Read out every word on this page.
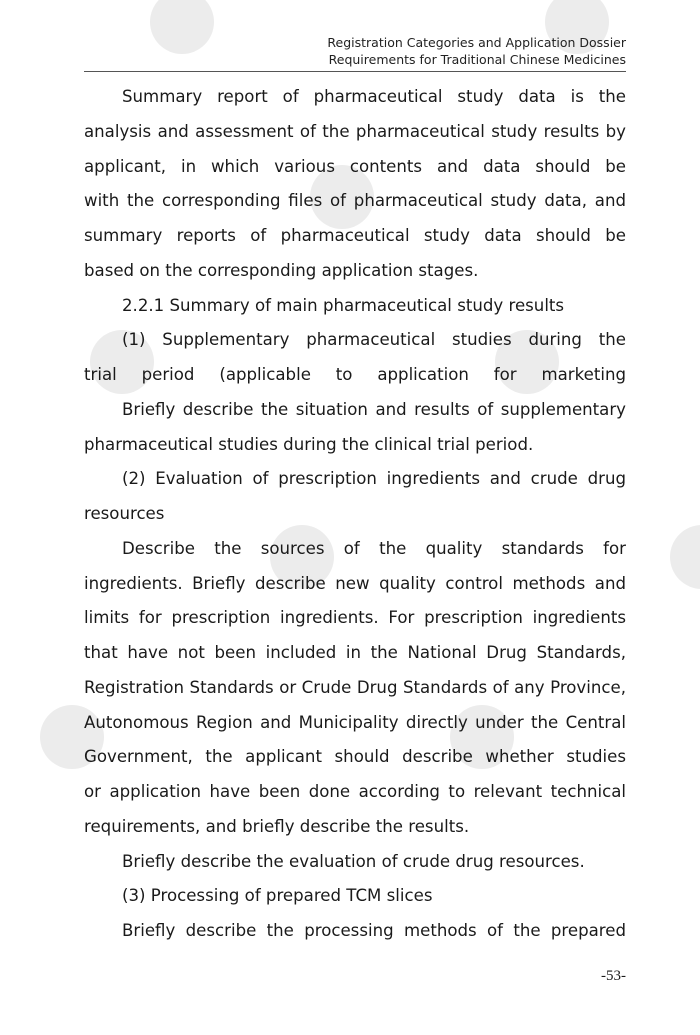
Registration Categories and Application Dossier
Requirements for Traditional Chinese Medicines
Summary report of pharmaceutical study data is the
analysis and assessment of the pharmaceutical study results by
applicant, in which various contents and data should be
with the corresponding files of pharmaceutical study data, and
summary reports of pharmaceutical study data should be
based on the corresponding application stages.
2.2.1 Summary of main pharmaceutical study results
(1) Supplementary pharmaceutical studies during the
trial period (applicable to application for marketing
Briefly describe the situation and results of supplementary
pharmaceutical studies during the clinical trial period.
(2) Evaluation of prescription ingredients and crude drug
resources
Describe the sources of the quality standards for
ingredients. Briefly describe new quality control methods and
limits for prescription ingredients. For prescription ingredients
that have not been included in the National Drug Standards,
Registration Standards or Crude Drug Standards of any Province,
Autonomous Region and Municipality directly under the Central
Government, the applicant should describe whether studies
or application have been done according to relevant technical
requirements, and briefly describe the results.
Briefly describe the evaluation of crude drug resources.
(3) Processing of prepared TCM slices
Briefly describe the processing methods of the prepared
-53-
